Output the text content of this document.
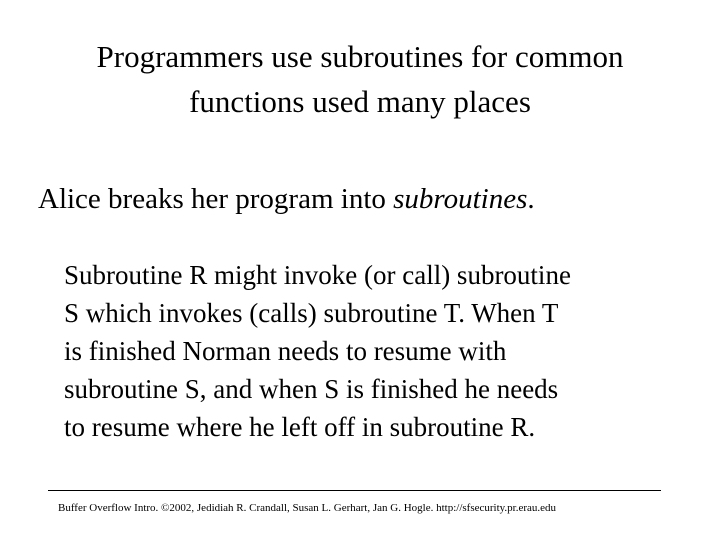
Programmers use subroutines for common
functions used many places

Alice breaks her program into subroutines.

Subroutine R might invoke (or call) subroutine
S which invokes (calls) subroutine T. When T
is finished Norman needs to resume with
subroutine S, and when S is finished he needs
to resume where he left off in subroutine R.

Buffer Overflow Intro. ©2002, Jedidiah R. Crandall, Susan L. Gerhart, Jan G. Hogle. http://sfsecurity.pr.erau.edu
